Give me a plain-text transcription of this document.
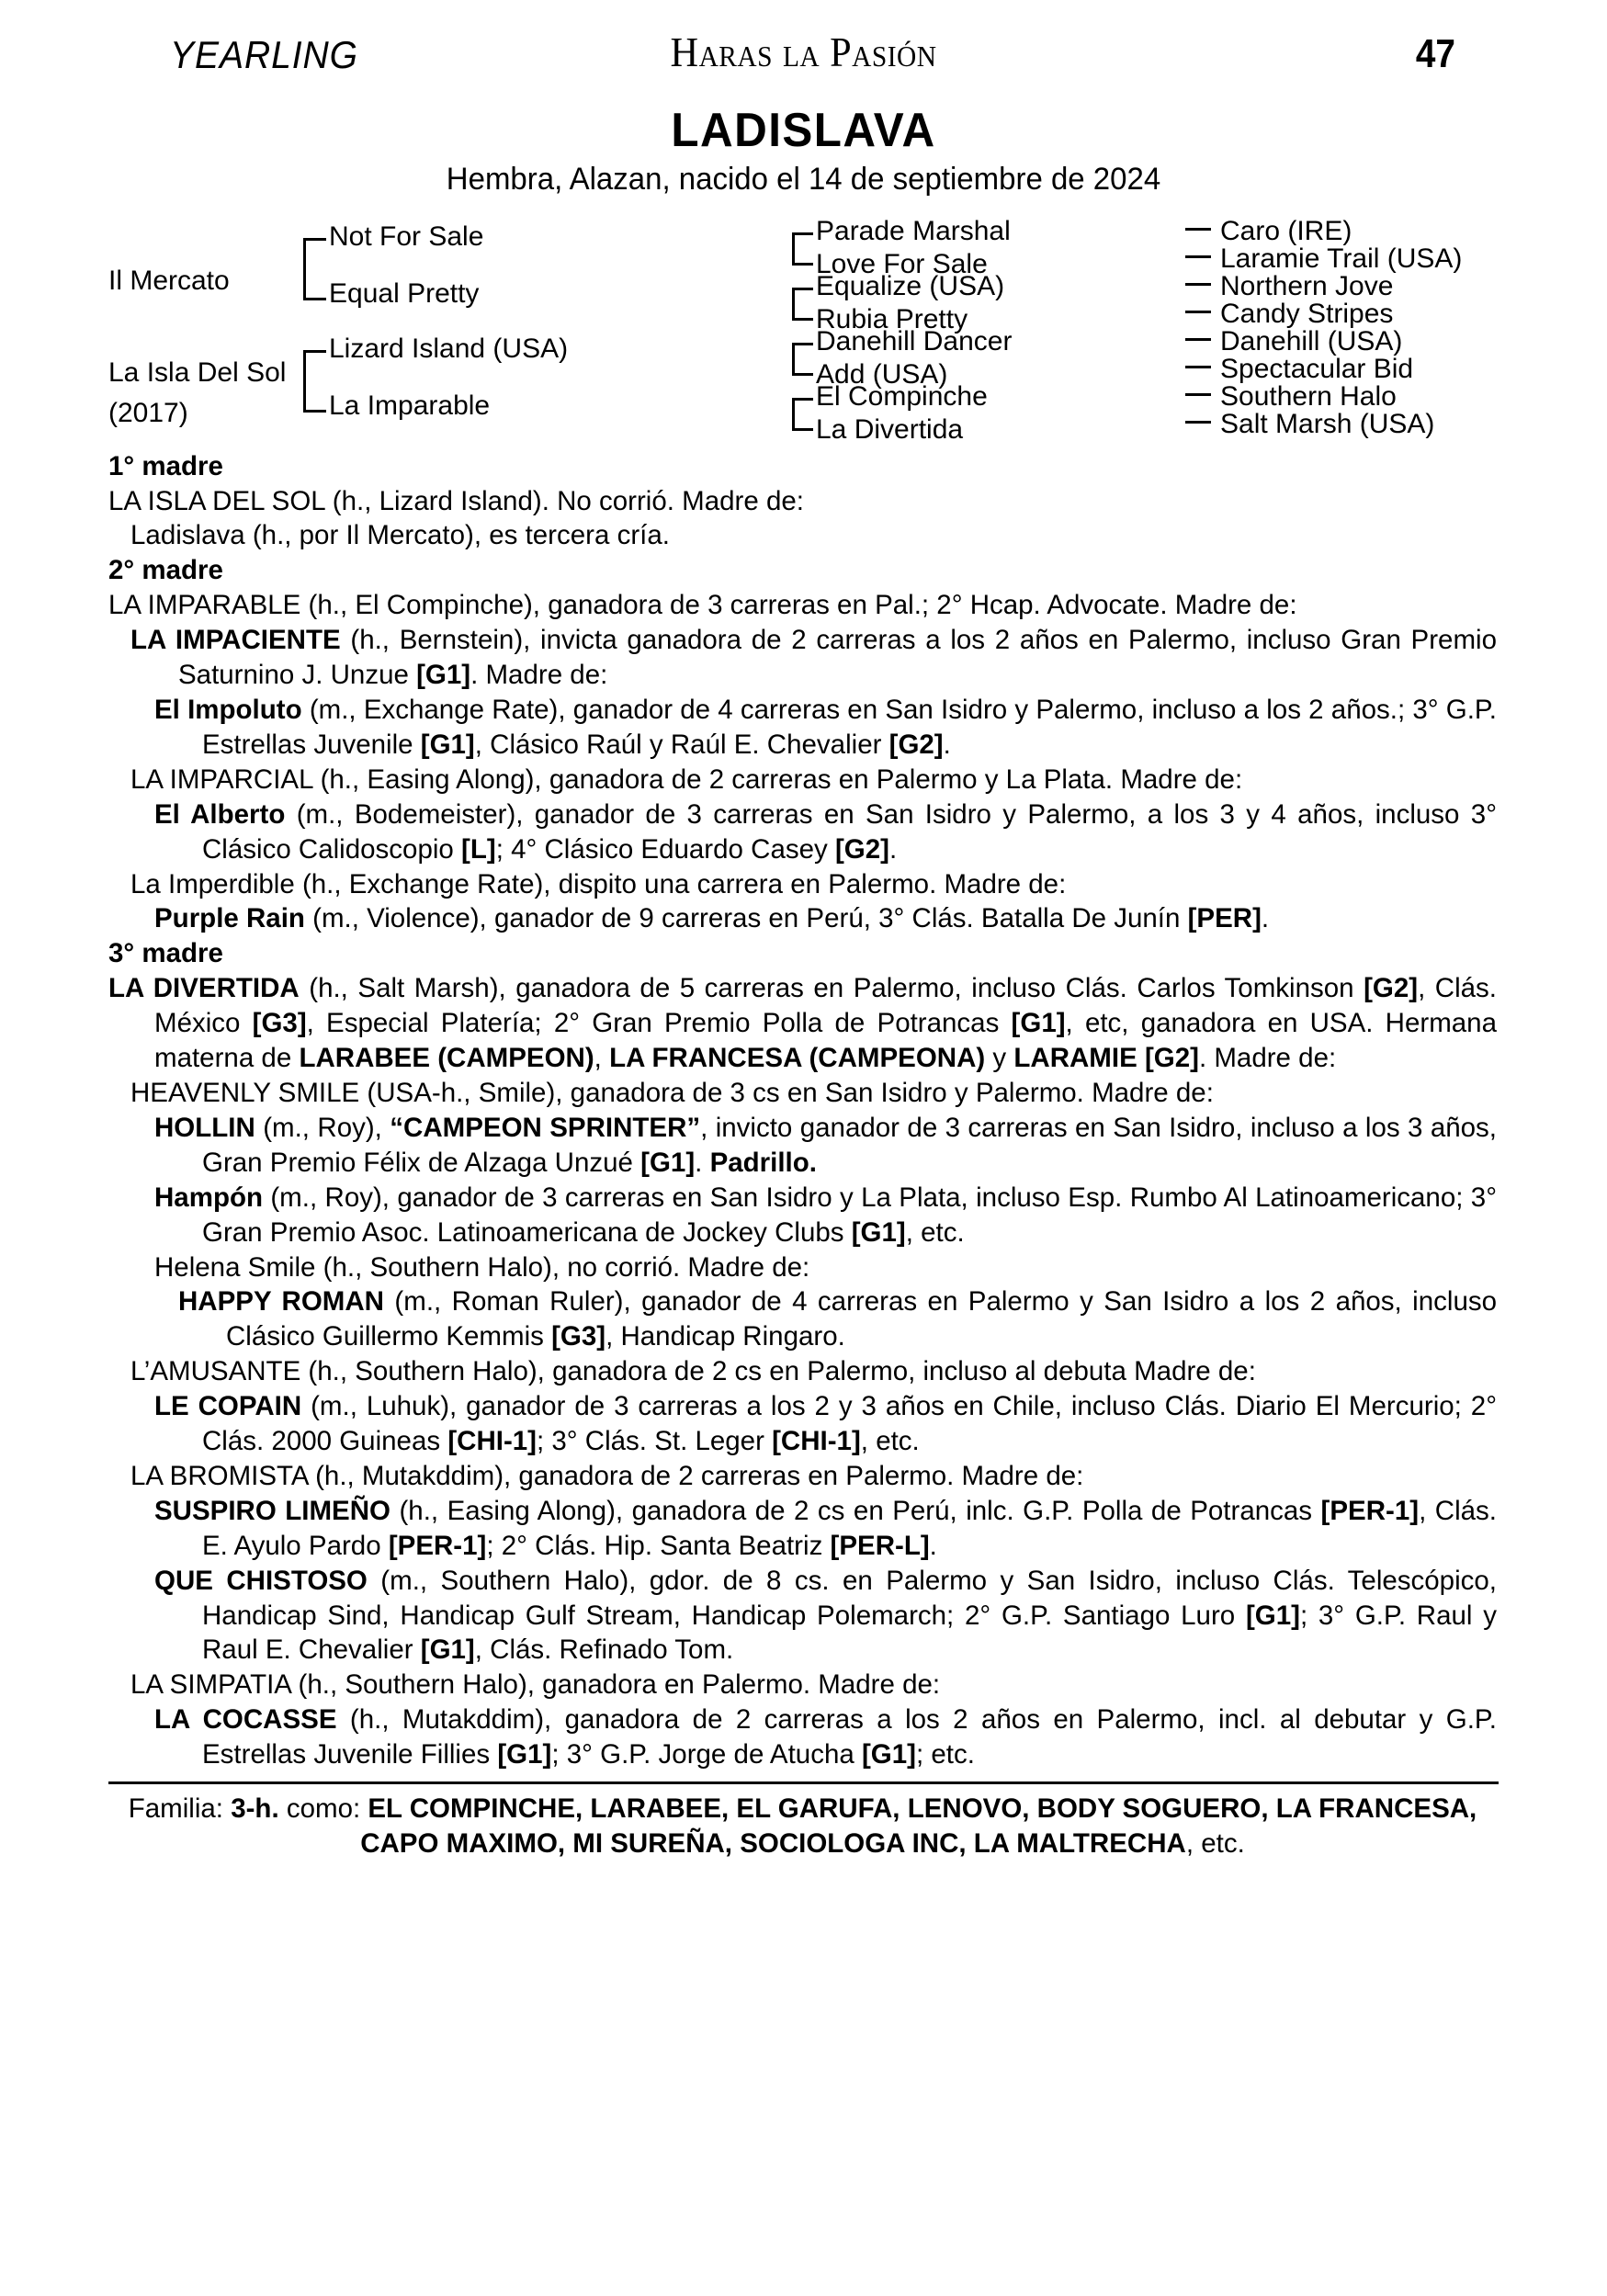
YEARLING	Haras la Pasión	47
LADISLAVA
Hembra, Alazan, nacido el 14 de septiembre de 2024
Il Mercato
La Isla Del Sol
(2017)
Not For Sale
Equal Pretty
Lizard Island (USA)
La Imparable
Parade Marshal
Love For Sale
Equalize (USA)
Rubia Pretty
Danehill Dancer
Add (USA)
El Compinche
La Divertida
Caro (IRE)
Laramie Trail (USA)
Northern Jove
Candy Stripes
Danehill (USA)
Spectacular Bid
Southern Halo
Salt Marsh (USA)

1° madre

LA ISLA DEL SOL (h., Lizard Island). No corrió. Madre de:

Ladislava (h., por Il Mercato), es tercera cría.

2° madre

LA IMPARABLE (h., El Compinche), ganadora de 3 carreras en Pal.; 2° Hcap. Advocate. Madre de:

LA IMPACIENTE (h., Bernstein), invicta ganadora de 2 carreras a los 2 años en Palermo, incluso Gran Premio Saturnino J. Unzue [G1]. Madre de:

El Impoluto (m., Exchange Rate), ganador de 4 carreras en San Isidro y Palermo, incluso a los 2 años.; 3° G.P. Estrellas Juvenile [G1], Clásico Raúl y Raúl E. Chevalier [G2].

LA IMPARCIAL (h., Easing Along), ganadora de 2 carreras en Palermo y La Plata. Madre de:

El Alberto (m., Bodemeister), ganador de 3 carreras en San Isidro y Palermo, a los 3 y 4 años, incluso 3° Clásico Calidoscopio [L]; 4° Clásico Eduardo Casey [G2].

La Imperdible (h., Exchange Rate), dispito una carrera en Palermo. Madre de:

Purple Rain (m., Violence), ganador de 9 carreras en Perú, 3° Clás. Batalla De Junín [PER].

3° madre

LA DIVERTIDA (h., Salt Marsh), ganadora de 5 carreras en Palermo, incluso Clás. Carlos Tomkinson [G2], Clás. México [G3], Especial Platería; 2° Gran Premio Polla de Potrancas [G1], etc, ganadora en USA. Hermana materna de LARABEE (CAMPEON), LA FRANCESA (CAMPEONA) y LARAMIE [G2]. Madre de:

HEAVENLY SMILE (USA-h., Smile), ganadora de 3 cs en San Isidro y Palermo. Madre de:

HOLLIN (m., Roy), “CAMPEON SPRINTER”, invicto ganador de 3 carreras en San Isidro, incluso a los 3 años, Gran Premio Félix de Alzaga Unzué [G1]. Padrillo.

Hampón (m., Roy), ganador de 3 carreras en San Isidro y La Plata, incluso Esp. Rumbo Al Latinoamericano; 3° Gran Premio Asoc. Latinoamericana de Jockey Clubs [G1], etc.

Helena Smile (h., Southern Halo), no corrió. Madre de:

HAPPY ROMAN (m., Roman Ruler), ganador de 4 carreras en Palermo y San Isidro a los 2 años, incluso Clásico Guillermo Kemmis [G3], Handicap Ringaro.

L’AMUSANTE (h., Southern Halo), ganadora de 2 cs en Palermo, incluso al debuta Madre de:

LE COPAIN (m., Luhuk), ganador de 3 carreras a los 2 y 3 años en Chile, incluso Clás. Diario El Mercurio; 2° Clás. 2000 Guineas [CHI-1]; 3° Clás. St. Leger [CHI-1], etc.

LA BROMISTA (h., Mutakddim), ganadora de 2 carreras en Palermo. Madre de:

SUSPIRO LIMEÑO (h., Easing Along), ganadora de 2 cs en Perú, inlc. G.P. Polla de Potrancas [PER-1], Clás. E. Ayulo Pardo [PER-1]; 2° Clás. Hip. Santa Beatriz [PER-L].

QUE CHISTOSO (m., Southern Halo), gdor. de 8 cs. en Palermo y San Isidro, incluso Clás. Telescópico, Handicap Sind, Handicap Gulf Stream, Handicap Polemarch; 2° G.P. Santiago Luro [G1]; 3° G.P. Raul y Raul E. Chevalier [G1], Clás. Refinado Tom.

LA SIMPATIA (h., Southern Halo), ganadora en Palermo. Madre de:

LA COCASSE (h., Mutakddim), ganadora de 2 carreras a los 2 años en Palermo, incl. al debutar y G.P. Estrellas Juvenile Fillies [G1]; 3° G.P. Jorge de Atucha [G1]; etc.

Familia: 3-h. como: EL COMPINCHE, LARABEE, EL GARUFA, LENOVO, BODY SOGUERO, LA FRANCESA, CAPO MAXIMO, MI SUREÑA, SOCIOLOGA INC, LA MALTRECHA, etc.
